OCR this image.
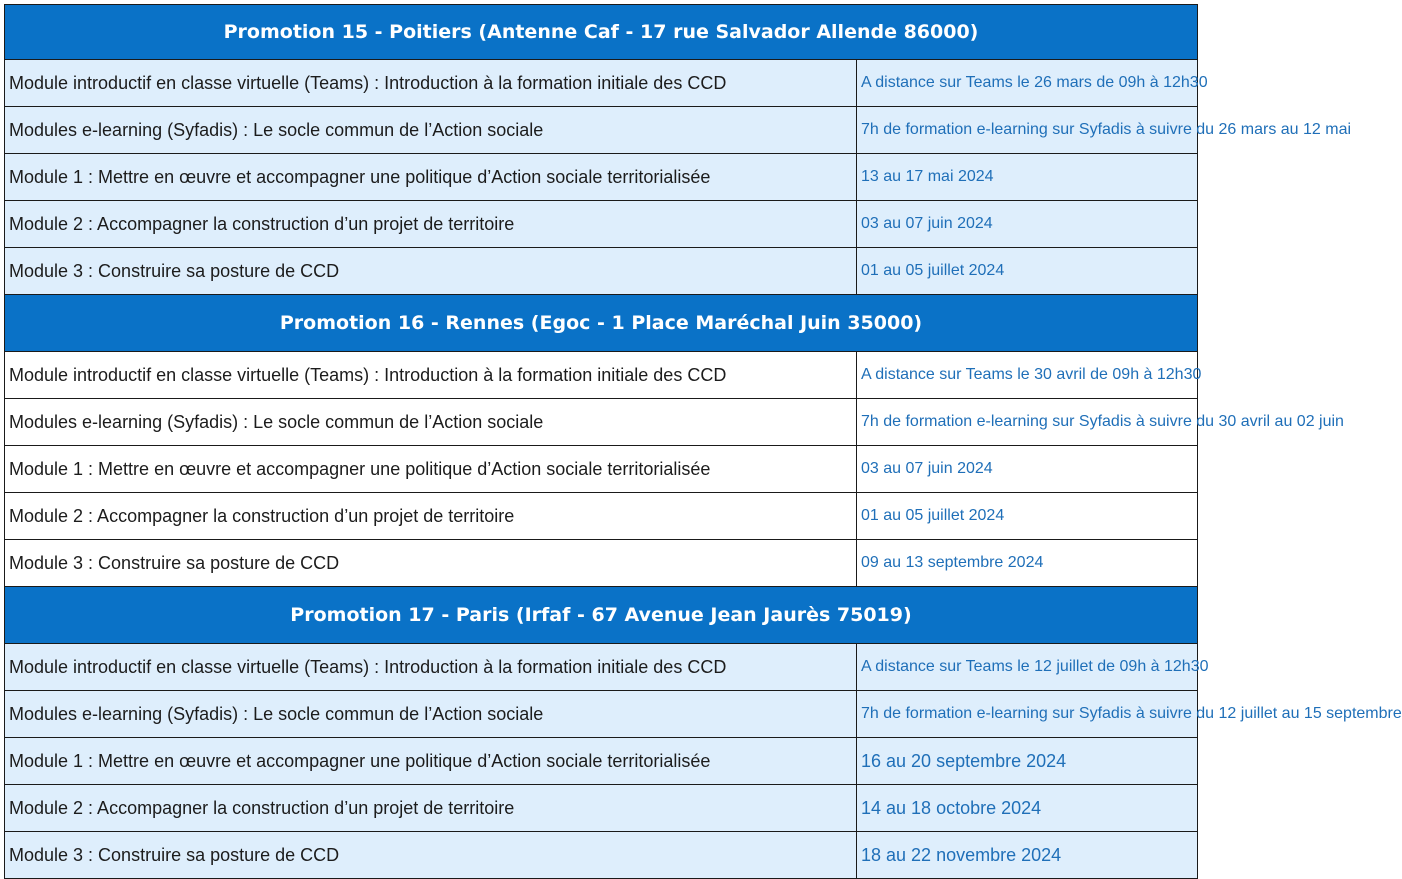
Promotion 15 - Poitiers (Antenne Caf - 17 rue Salvador Allende 86000)	
Module introductif en classe virtuelle (Teams) : Introduction à la formation initiale des CCD	A distance sur Teams le 26 mars de 09h à 12h30
Modules e-learning (Syfadis) : Le socle commun de l’Action sociale	7h de formation e-learning sur Syfadis à suivre du 26 mars au 12 mai
Module 1 : Mettre en œuvre et accompagner une politique d’Action sociale territorialisée	13 au 17 mai 2024
Module 2 : Accompagner la construction d’un projet de territoire	03 au 07 juin 2024
Module 3 : Construire sa posture de CCD	01 au 05 juillet 2024
Promotion 16 - Rennes (Egoc - 1 Place Maréchal Juin 35000)	
Module introductif en classe virtuelle (Teams) : Introduction à la formation initiale des CCD	A distance sur Teams le 30 avril de 09h à 12h30
Modules e-learning (Syfadis) : Le socle commun de l’Action sociale	7h de formation e-learning sur Syfadis à suivre du 30 avril au 02 juin
Module 1 : Mettre en œuvre et accompagner une politique d’Action sociale territorialisée	03 au 07 juin 2024
Module 2 : Accompagner la construction d’un projet de territoire	01 au 05 juillet 2024
Module 3 : Construire sa posture de CCD	09 au 13 septembre 2024
Promotion 17 - Paris (Irfaf - 67 Avenue Jean Jaurès 75019)	
Module introductif en classe virtuelle (Teams) : Introduction à la formation initiale des CCD	A distance sur Teams le 12 juillet de 09h à 12h30
Modules e-learning (Syfadis) : Le socle commun de l’Action sociale	7h de formation e-learning sur Syfadis à suivre du 12 juillet au 15 septembre
Module 1 : Mettre en œuvre et accompagner une politique d’Action sociale territorialisée	16 au 20 septembre 2024
Module 2 : Accompagner la construction d’un projet de territoire	14 au 18 octobre 2024
Module 3 : Construire sa posture de CCD	18 au 22 novembre 2024
